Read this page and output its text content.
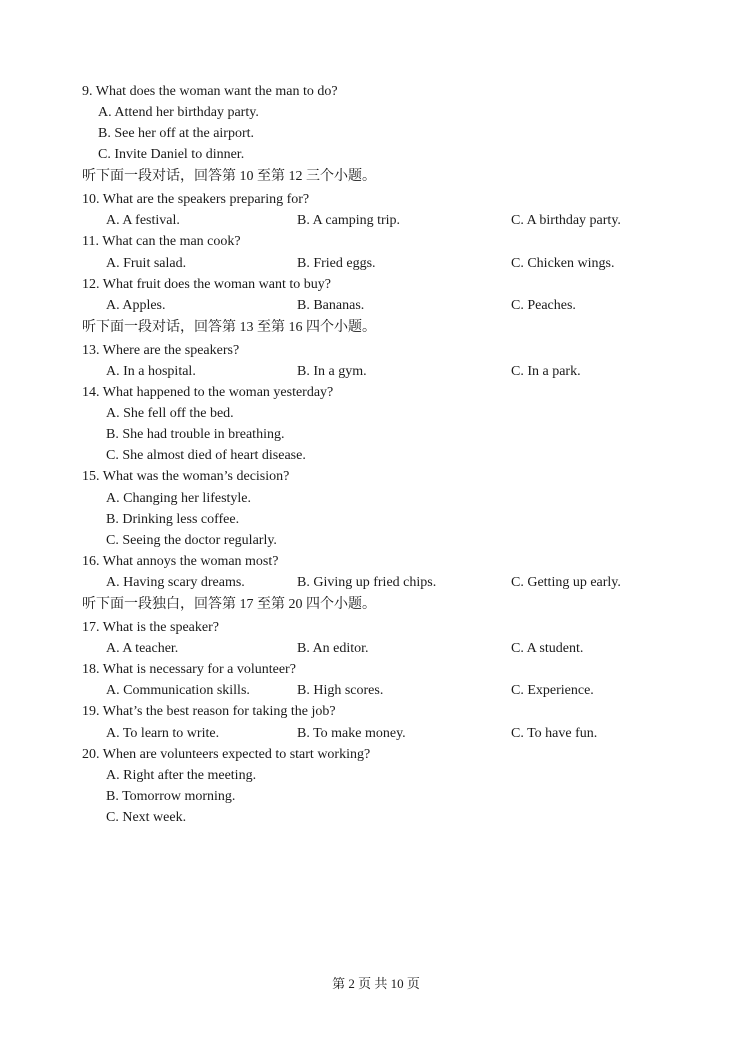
9. What does the woman want the man to do?
A. Attend her birthday party.
B. See her off at the airport.
C. Invite Daniel to dinner.
听下面一段对话，回答第 10 至第 12 三个小题。
10. What are the speakers preparing for?
A. A festival.	B. A camping trip.	C. A birthday party.
11. What can the man cook?
A. Fruit salad.	B. Fried eggs.	C. Chicken wings.
12. What fruit does the woman want to buy?
A. Apples.	B. Bananas.	C. Peaches.
听下面一段对话，回答第 13 至第 16 四个小题。
13. Where are the speakers?
A. In a hospital.	B. In a gym.	C. In a park.
14. What happened to the woman yesterday?
A. She fell off the bed.
B. She had trouble in breathing.
C. She almost died of heart disease.
15. What was the woman’s decision?
A. Changing her lifestyle.
B. Drinking less coffee.
C. Seeing the doctor regularly.
16. What annoys the woman most?
A. Having scary dreams.	B. Giving up fried chips.	C. Getting up early.
听下面一段独白，回答第 17 至第 20 四个小题。
17. What is the speaker?
A. A teacher.	B. An editor.	C. A student.
18. What is necessary for a volunteer?
A. Communication skills.	B. High scores.	C. Experience.
19. What’s the best reason for taking the job?
A. To learn to write.	B. To make money.	C. To have fun.
20. When are volunteers expected to start working?
A. Right after the meeting.
B. Tomorrow morning.
C. Next week.
第 2 页 共 10 页
